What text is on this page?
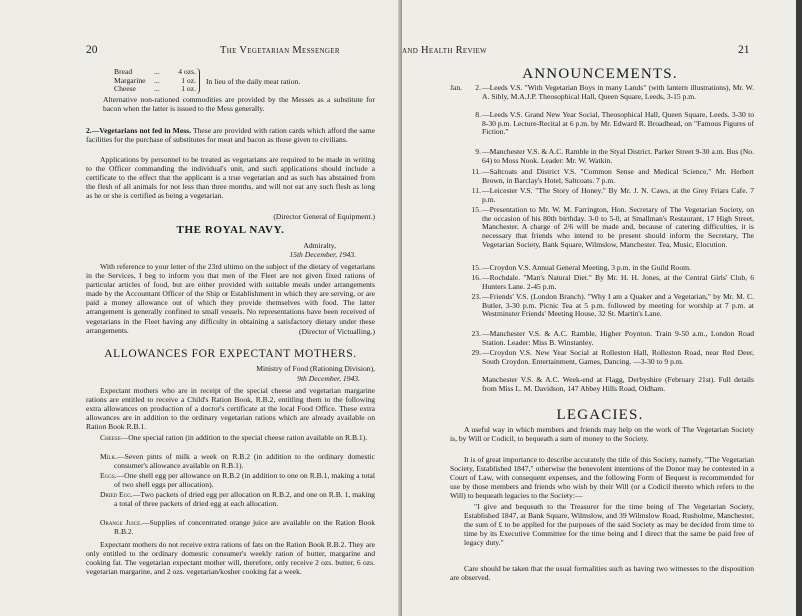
20	The Vegetarian Messenger
Bread	...	4 ozs.
Margarine	...	1 oz.
Cheese	...	1 oz.
In lieu of the daily meat ration.
Alternative non-rationed commodities are provided by the Messes as a substitute for bacon when the latter is issued to the Mess generally.
2.—Vegetarians not fed in Mess. These are provided with ration cards which afford the same facilities for the purchase of substitutes for meat and bacon as those given to civilians.
Applications by personnel to be treated as vegetarians are required to be made in writing to the Officer commanding the individual's unit, and such applications should include a certificate to the effect that the applicant is a true vegetarian and as such has abstained from the flesh of all animals for not less than three months, and will not eat any such flesh as long as he or she is certified as being a vegetarian.
(Director General of Equipment.)
THE ROYAL NAVY.
Admiralty,
15th December, 1943.
With reference to your letter of the 23rd ultimo on the subject of the dietary of vegetarians in the Services, I beg to inform you that men of the Fleet are not given fixed rations of particular articles of food, but are either provided with suitable meals under arrangements made by the Accountant Officer of the Ship or Establishment in which they are serving, or are paid a money allowance out of which they provide themselves with food. The latter arrangement is generally confined to small vessels. No representations have been received of vegetarians in the Fleet having any difficulty in obtaining a satisfactory dietary under these arrangements.	(Director of Victualling.)
ALLOWANCES FOR EXPECTANT MOTHERS.
Ministry of Food (Rationing Division),
9th December, 1943.
Expectant mothers who are in receipt of the special cheese and vegetarian margarine rations are entitled to receive a Child's Ration Book, R.B.2, entitling them to the following extra allowances on production of a doctor's certificate at the local Food Office. These extra allowances are in addition to the ordinary vegetarian rations which are already available on Ration Book R.B.1.
Cheese—One special ration (in addition to the special cheese ration available on R.B.1).
Milk.—Seven pints of milk a week on R.B.2 (in addition to the ordinary domestic consumer's allowance available on R.B.1).
Eggs.—One shell egg per allowance on R.B.2 (in addition to one on R.B.1, making a total of two shell eggs per allocation).
Dried Egg.—Two packets of dried egg per allocation on R.B.2, and one on R.B. 1, making a total of three packets of dried egg at each allocation.
Orange Juice.—Supplies of concentrated orange juice are available on the Ration Book R.B.2.
Expectant mothers do not receive extra rations of fats on the Ration Book R.B.2. They are only entitled to the ordinary domestic consumer's weekly ration of butter, margarine and cooking fat. The vegetarian expectant mother will, therefore, only receive 2 ozs. butter, 6 ozs. vegetarian margarine, and 2 ozs. vegetarian/kosher cooking fat a week.
and Health Review	21
ANNOUNCEMENTS.
Jan.	2. —Leeds V.S. "With Vegetarian Boys in many Lands" (with lantern illustrations), Mr. W. A. Sibly, M.A.J.P. Theosophical Hall, Queen Square, Leeds, 3-15 p.m.
8. —Leeds V.S. Grand New Year Social, Theosophical Hall, Queen Square, Leeds. 3-30 to 8-30 p.m. Lecture-Recital at 6 p.m. by Mr. Edward R. Broadhead, on "Famous Figures of Fiction."
9. —Manchester V.S. & A.C. Ramble in the Styal District. Parker Street 9-30 a.m. Bus (No. 64) to Moss Nook. Leader: Mr. W. Watkin.
11. —Saltcoats and District V.S. "Common Sense and Medical Science," Mr. Herbert Brown, in Barclay's Hotel, Saltcoats. 7 p.m.
11. —Leicester V.S. "The Story of Honey." By Mr. J. N. Caws, at the Grey Friars Cafe. 7 p.m.
15. —Presentation to Mr. W. M. Farrington, Hon. Secretary of The Vegetarian Society, on the occasion of his 80th birthday. 3-0 to 5-0, at Smallman's Restaurant, 17 High Street, Manchester. A charge of 2/6 will be made and, because of catering difficulties, it is necessary that friends who intend to be present should inform the Secretary, The Vegetarian Society, Bank Square, Wilmslow, Manchester. Tea, Music, Elocution.
15. —Croydon V.S. Annual General Meeting, 3 p.m. in the Guild Room.
16. —Rochdale. "Man's Natural Diet." By Mr. H. H. Jones, at the Central Girls' Club, 6 Hunters Lane. 2-45 p.m.
23. —Friends' V.S. (London Branch). "Why I am a Quaker and a Vegetarian," by Mr. M. C. Butler, 3-30 p.m. Picnic Tea at 5 p.m. followed by meeting for worship at 7 p.m. at Westminster Friends' Meeting House, 32 St. Martin's Lane.
23. —Manchester V.S. & A.C. Ramble, Higher Poynton. Train 9-50 a.m., London Road Station. Leader: Miss B. Winstanley.
29. —Croydon V.S. New Year Social at Rolleston Hall, Rolleston Road, near Red Deer, South Croydon. Entertainment, Games, Dancing. —3-30 to 9 p.m.
Manchester V.S. & A.C. Week-end at Flagg, Derbyshire (February 21st). Full details from Miss L. M. Davidson, 147 Abbey Hills Road, Oldham.
LEGACIES.
A useful way in which members and friends may help on the work of The Vegetarian Society is, by Will or Codicil, to bequeath a sum of money to the Society.
It is of great importance to describe accurately the title of this Society, namely, "The Vegetarian Society, Established 1847," otherwise the benevolent intentions of the Donor may be contested in a Court of Law, with consequent expenses, and the following Form of Bequest is recommended for use by those members and friends who wish by their Will (or a Codicil thereto which refers to the Will) to bequeath legacies to the Society:—
"I give and bequeath to the Treasurer for the time being of The Vegetarian Society, Established 1847, at Bank Square, Wilmslow, and 39 Wilmslow Road, Rusholme, Manchester, the sum of £ to be applied for the purposes of the said Society as may be decided from time to time by its Executive Committee for the time being and I direct that the same be paid free of legacy duty."
Care should be taken that the usual formalities such as having two witnesses to the disposition are observed.
